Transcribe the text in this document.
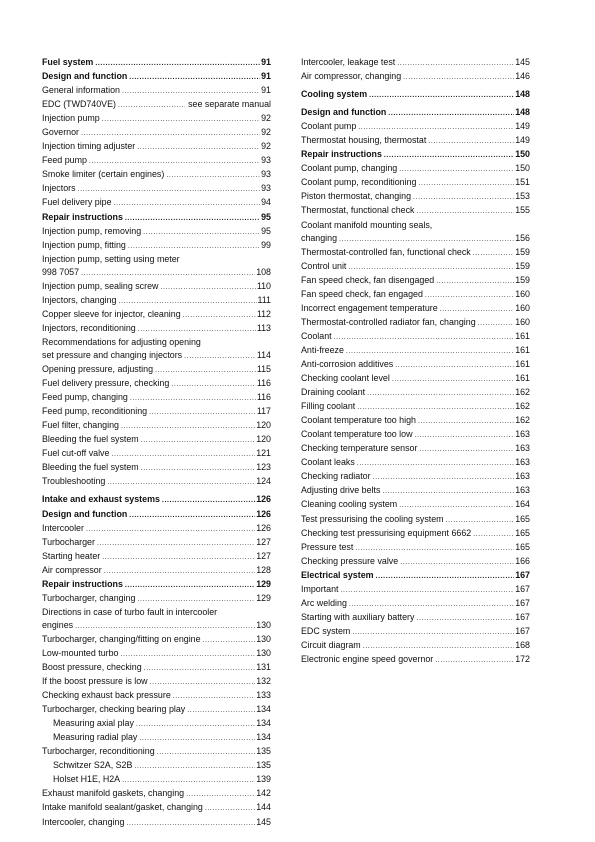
Fuel system .....	91
Design and function .....	91
General information .....	91
EDC (TWD740VE) .....	see separate manual
Injection pump .....	92
Governor .....	92
Injection timing adjuster .....	92
Feed pump .....	93
Smoke limiter (certain engines) .....	93
Injectors .....	93
Fuel delivery pipe .....	94
Repair instructions .....	95
Injection pump, removing .....	95
Injection pump, fitting .....	99
Injection pump, setting using meter
998 7057 .....	108
Injection pump, sealing screw .....	110
Injectors, changing .....	111
Copper sleeve for injector, cleaning .....	112
Injectors, reconditioning .....	113
Recommendations for adjusting opening
set pressure and changing injectors .....	114
Opening pressure, adjusting .....	115
Fuel delivery pressure, checking .....	116
Feed pump, changing .....	116
Feed pump, reconditioning .....	117
Fuel filter, changing .....	120
Bleeding the fuel system .....	120
Fuel cut-off valve .....	121
Bleeding the fuel system .....	123
Troubleshooting .....	124
Intake and exhaust systems .....	126
Design and function .....	126
Intercooler .....	126
Turbocharger .....	127
Starting heater .....	127
Air compressor .....	128
Repair instructions .....	129
Turbocharger, changing .....	129
Directions in case of turbo fault in intercooler
engines .....	130
Turbocharger, changing/fitting on engine .....	130
Low-mounted turbo .....	130
Boost pressure, checking .....	131
If the boost pressure is low .....	132
Checking exhaust back pressure .....	133
Turbocharger, checking bearing play .....	134
Measuring axial play .....	134
Measuring radial play .....	134
Turbocharger, reconditioning .....	135
Schwitzer S2A, S2B .....	135
Holset H1E, H2A .....	139
Exhaust manifold gaskets, changing .....	142
Intake manifold sealant/gasket, changing .....	144
Intercooler, changing .....	145
Intercooler, leakage test .....	145
Air compressor, changing .....	146
Cooling system .....	148
Design and function .....	148
Coolant pump .....	149
Thermostat housing, thermostat .....	149
Repair instructions .....	150
Coolant pump, changing .....	150
Coolant pump, reconditioning .....	151
Piston thermostat, changing .....	153
Thermostat, functional check .....	155
Coolant manifold mounting seals,
changing .....	156
Thermostat-controlled fan, functional check .....	159
Control unit .....	159
Fan speed check, fan disengaged .....	159
Fan speed check, fan engaged .....	160
Incorrect engagement temperature .....	160
Thermostat-controlled radiator fan, changing .....	160
Coolant .....	161
Anti-freeze .....	161
Anti-corrosion additives .....	161
Checking coolant level .....	161
Draining coolant .....	162
Filling coolant .....	162
Coolant temperature too high .....	162
Coolant temperature too low .....	163
Checking temperature sensor .....	163
Coolant leaks .....	163
Checking radiator .....	163
Adjusting drive belts .....	163
Cleaning cooling system .....	164
Test pressurising the cooling system .....	165
Checking test pressurising equipment 6662 .....	165
Pressure test .....	165
Checking pressure valve .....	166
Electrical system .....	167
Important .....	167
Arc welding .....	167
Starting with auxiliary battery .....	167
EDC system .....	167
Circuit diagram .....	168
Electronic engine speed governor .....	172
